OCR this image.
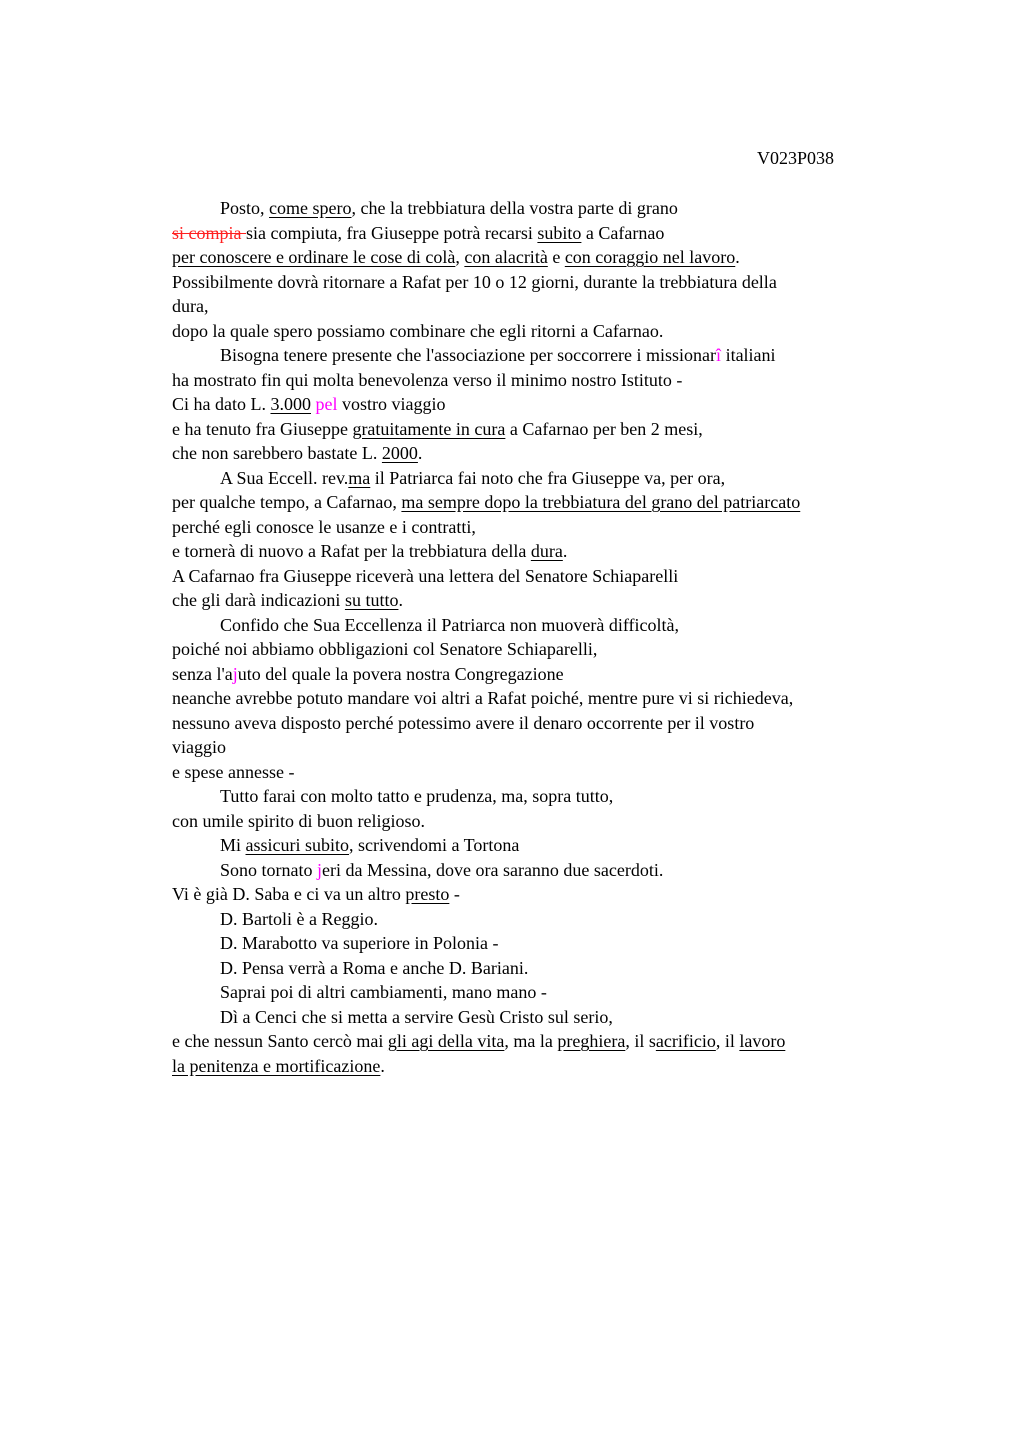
V023P038
Posto, come spero, che la trebbiatura della vostra parte di grano
si compia sia compiuta, fra Giuseppe potrà recarsi subito a Cafarnao
per conoscere e ordinare le cose di colà, con alacrità e con coraggio nel lavoro.
Possibilmente dovrà ritornare a Rafat per 10 o 12 giorni, durante la trebbiatura della
dura,
dopo la quale spero possiamo combinare che egli ritorni a Cafarnao.
Bisogna tenere presente che l'associazione per soccorrere i missionarî italiani
ha mostrato fin qui molta benevolenza verso il minimo nostro Istituto -
Ci ha dato L. 3.000 pel vostro viaggio
e ha tenuto fra Giuseppe gratuitamente in cura a Cafarnao per ben 2 mesi,
che non sarebbero bastate L. 2000.
A Sua Eccell. rev.ma il Patriarca fai noto che fra Giuseppe va, per ora,
per qualche tempo, a Cafarnao, ma sempre dopo la trebbiatura del grano del patriarcato
perché egli conosce le usanze e i contratti,
e tornerà di nuovo a Rafat per la trebbiatura della dura.
A Cafarnao fra Giuseppe riceverà una lettera del Senatore Schiaparelli
che gli darà indicazioni su tutto.
Confido che Sua Eccellenza il Patriarca non muoverà difficoltà,
poiché noi abbiamo obbligazioni col Senatore Schiaparelli,
senza l'ajuto del quale la povera nostra Congregazione
neanche avrebbe potuto mandare voi altri a Rafat poiché, mentre pure vi si richiedeva,
nessuno aveva disposto perché potessimo avere il denaro occorrente per il vostro
viaggio
e spese annesse -
Tutto farai con molto tatto e prudenza, ma, sopra tutto,
con umile spirito di buon religioso.
Mi assicuri subito, scrivendomi a Tortona
Sono tornato jeri da Messina, dove ora saranno due sacerdoti.
Vi è già D. Saba e ci va un altro presto -
D. Bartoli è a Reggio.
D. Marabotto va superiore in Polonia -
D. Pensa verrà a Roma e anche D. Bariani.
Saprai poi di altri cambiamenti, mano mano -
Dì a Cenci che si metta a servire Gesù Cristo sul serio,
e che nessun Santo cercò mai gli agi della vita, ma la preghiera, il sacrificio, il lavoro
la penitenza e mortificazione.
